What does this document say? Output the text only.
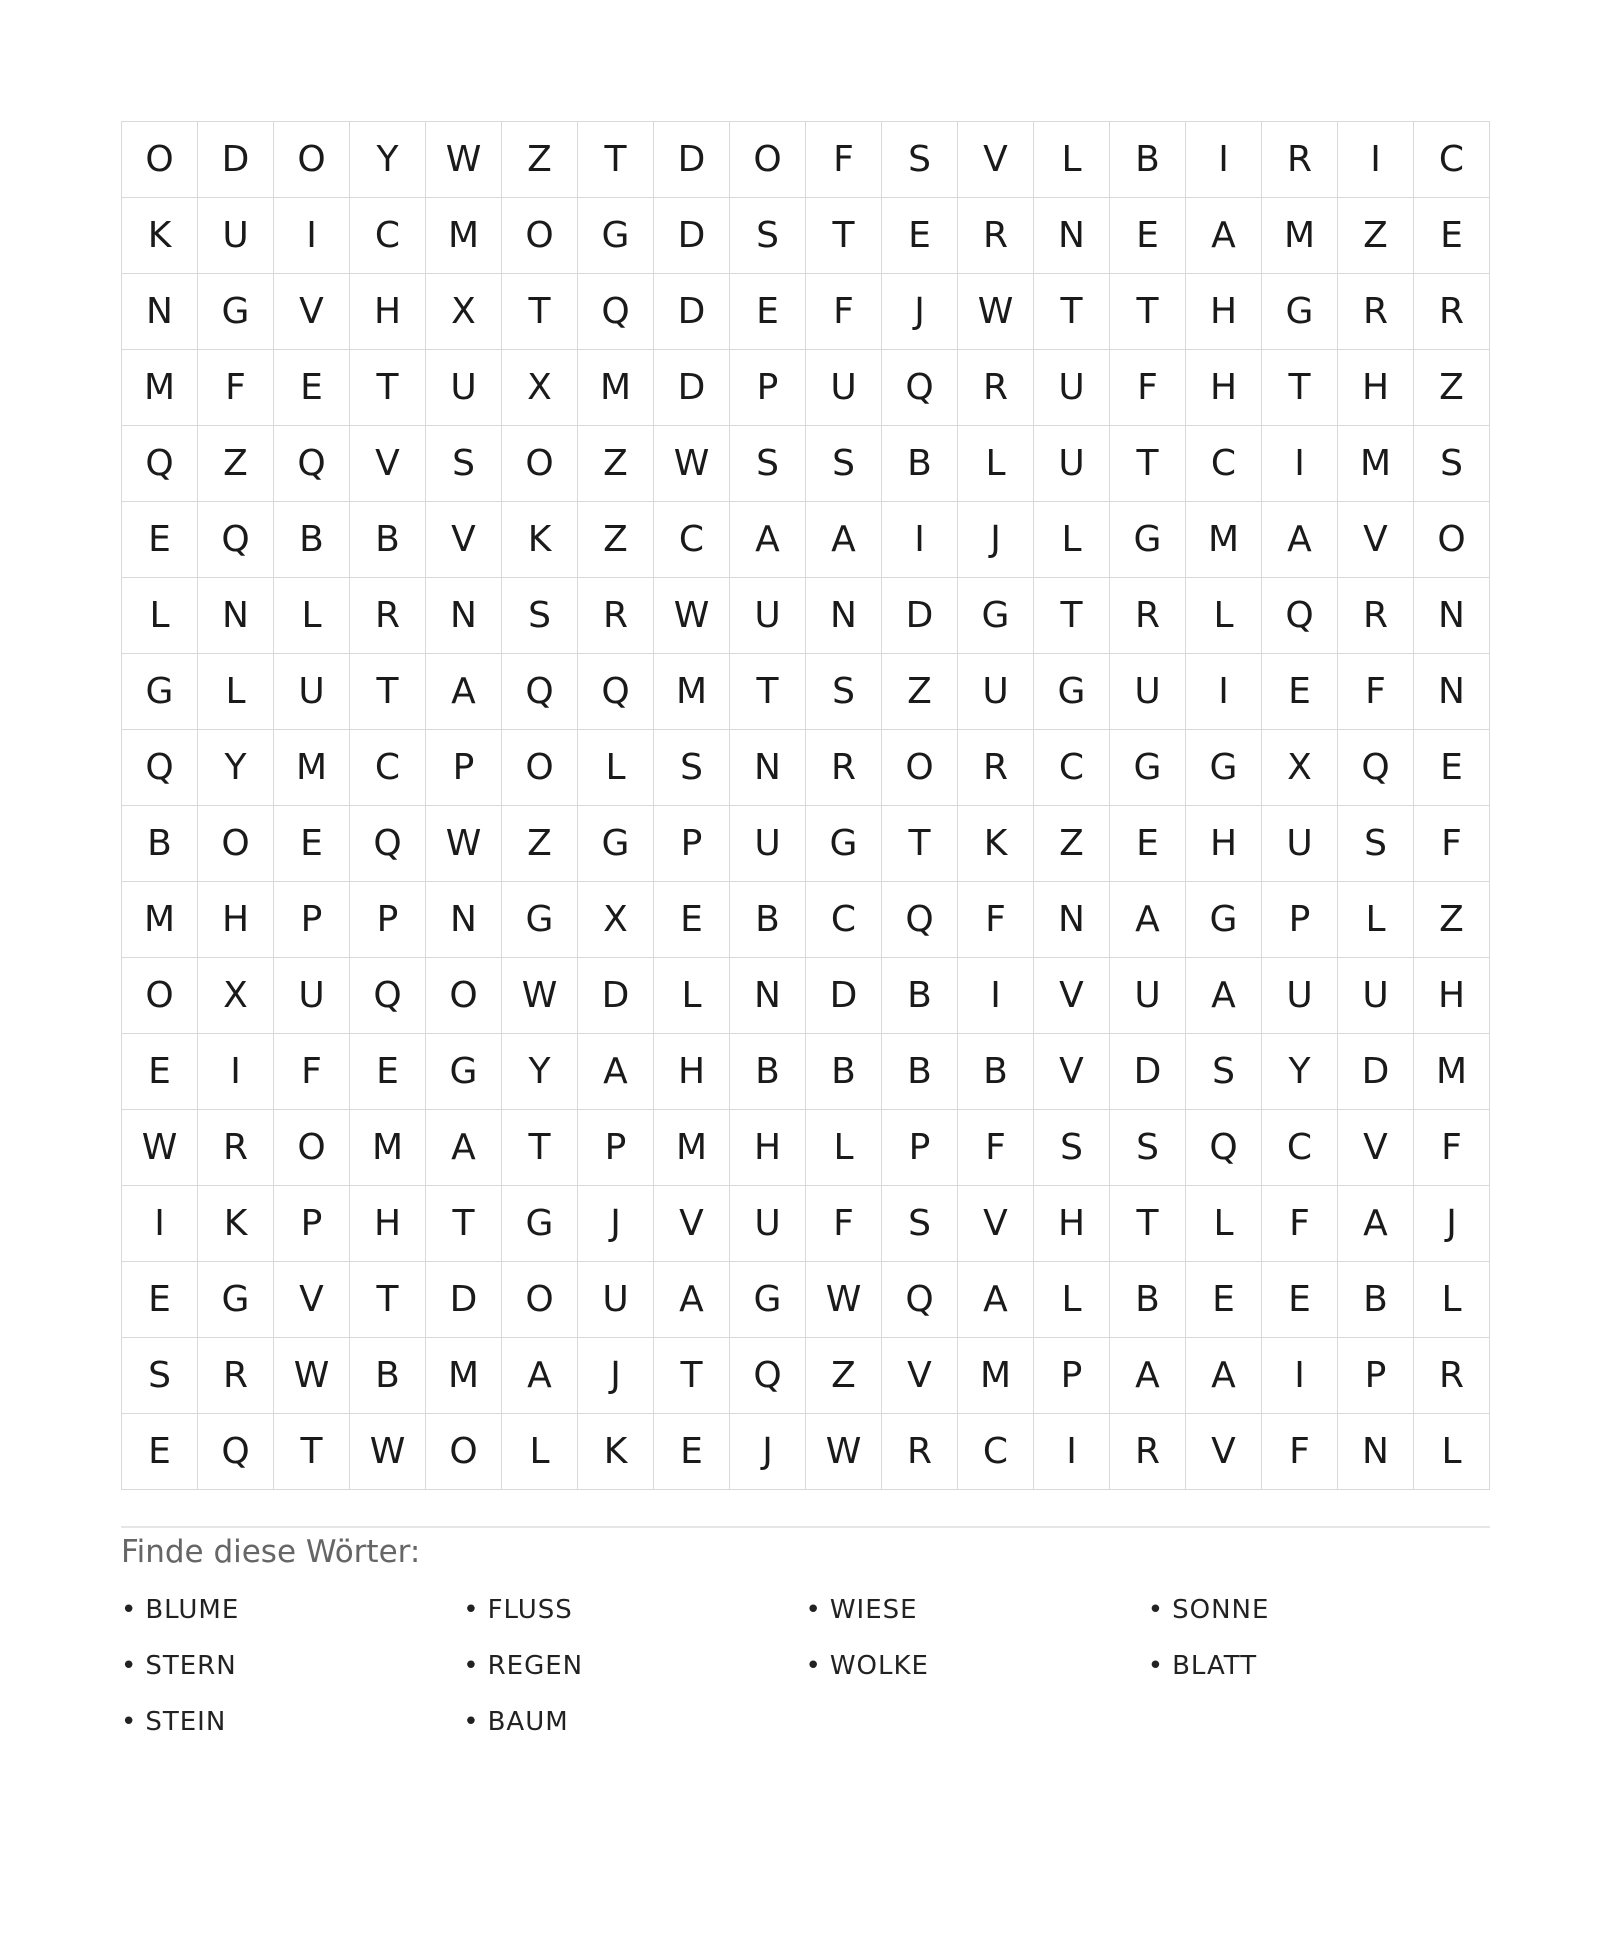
O	D	O	Y	W	Z	T	D	O	F	S	V	L	B	I	R	I	C
K	U	I	C	M	O	G	D	S	T	E	R	N	E	A	M	Z	E
N	G	V	H	X	T	Q	D	E	F	J	W	T	T	H	G	R	R
M	F	E	T	U	X	M	D	P	U	Q	R	U	F	H	T	H	Z
Q	Z	Q	V	S	O	Z	W	S	S	B	L	U	T	C	I	M	S
E	Q	B	B	V	K	Z	C	A	A	I	J	L	G	M	A	V	O
L	N	L	R	N	S	R	W	U	N	D	G	T	R	L	Q	R	N
G	L	U	T	A	Q	Q	M	T	S	Z	U	G	U	I	E	F	N
Q	Y	M	C	P	O	L	S	N	R	O	R	C	G	G	X	Q	E
B	O	E	Q	W	Z	G	P	U	G	T	K	Z	E	H	U	S	F
M	H	P	P	N	G	X	E	B	C	Q	F	N	A	G	P	L	Z
O	X	U	Q	O	W	D	L	N	D	B	I	V	U	A	U	U	H
E	I	F	E	G	Y	A	H	B	B	B	B	V	D	S	Y	D	M
W	R	O	M	A	T	P	M	H	L	P	F	S	S	Q	C	V	F
I	K	P	H	T	G	J	V	U	F	S	V	H	T	L	F	A	J
E	G	V	T	D	O	U	A	G	W	Q	A	L	B	E	E	B	L
S	R	W	B	M	A	J	T	Q	Z	V	M	P	A	A	I	P	R
E	Q	T	W	O	L	K	E	J	W	R	C	I	R	V	F	N	L
Finde diese Wörter:
• BLUME	• FLUSS	• WIESE	• SONNE
• STERN	• REGEN	• WOLKE	• BLATT
• STEIN	• BAUM
